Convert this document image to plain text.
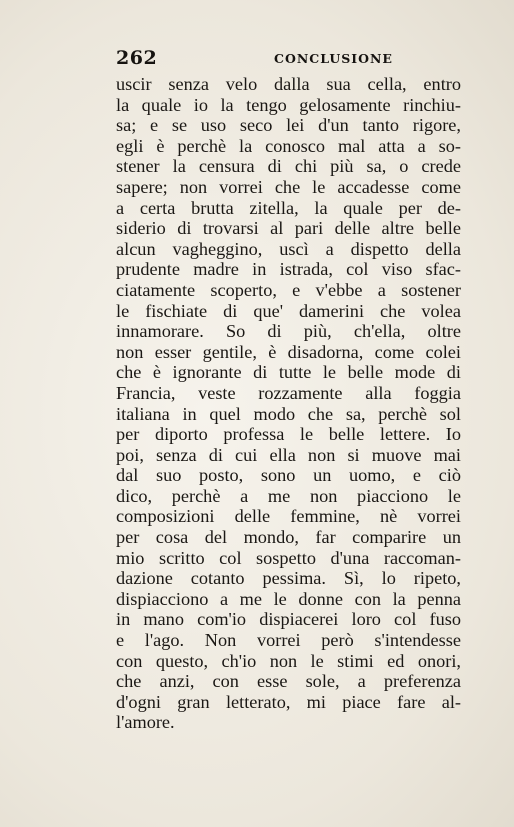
262	CONCLUSIONE
uscir senza velo dalla sua cella, entro
la quale io la tengo gelosamente rinchiu-
sa; e se uso seco lei d'un tanto rigore,
egli è perchè la conosco mal atta a so-
stener la censura di chi più sa, o crede
sapere; non vorrei che le accadesse come
a certa brutta zitella, la quale per de-
siderio di trovarsi al pari delle altre belle
alcun vagheggino, uscì a dispetto della
prudente madre in istrada, col viso sfac-
ciatamente scoperto, e v'ebbe a sostener
le fischiate di que' damerini che volea
innamorare. So di più, ch'ella, oltre
non esser gentile, è disadorna, come colei
che è ignorante di tutte le belle mode di
Francia, veste rozzamente alla foggia
italiana in quel modo che sa, perchè sol
per diporto professa le belle lettere. Io
poi, senza di cui ella non si muove mai
dal suo posto, sono un uomo, e ciò
dico, perchè a me non piacciono le
composizioni delle femmine, nè vorrei
per cosa del mondo, far comparire un
mio scritto col sospetto d'una raccoman-
dazione cotanto pessima. Sì, lo ripeto,
dispiacciono a me le donne con la penna
in mano com'io dispiacerei loro col fuso
e l'ago. Non vorrei però s'intendesse
con questo, ch'io non le stimi ed onori,
che anzi, con esse sole, a preferenza
d'ogni gran letterato, mi piace fare al-
l'amore.
